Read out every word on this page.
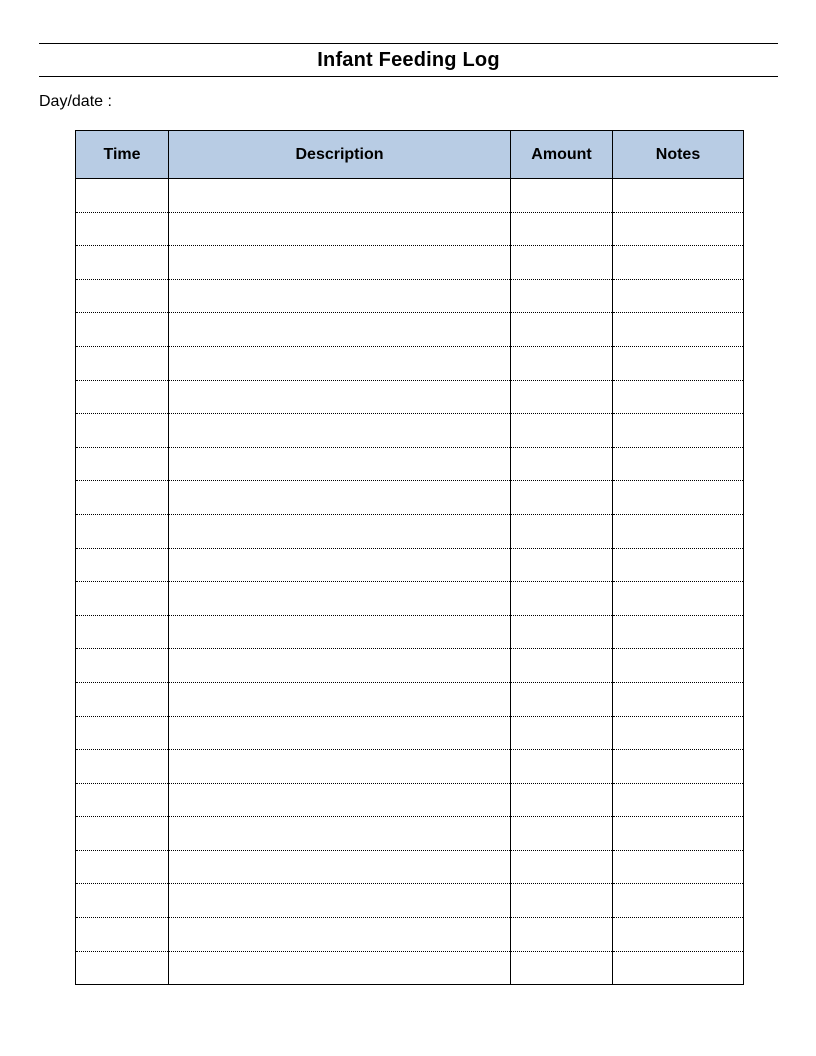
Infant Feeding Log
Day/date :
Time	Description	Amount	Notes
